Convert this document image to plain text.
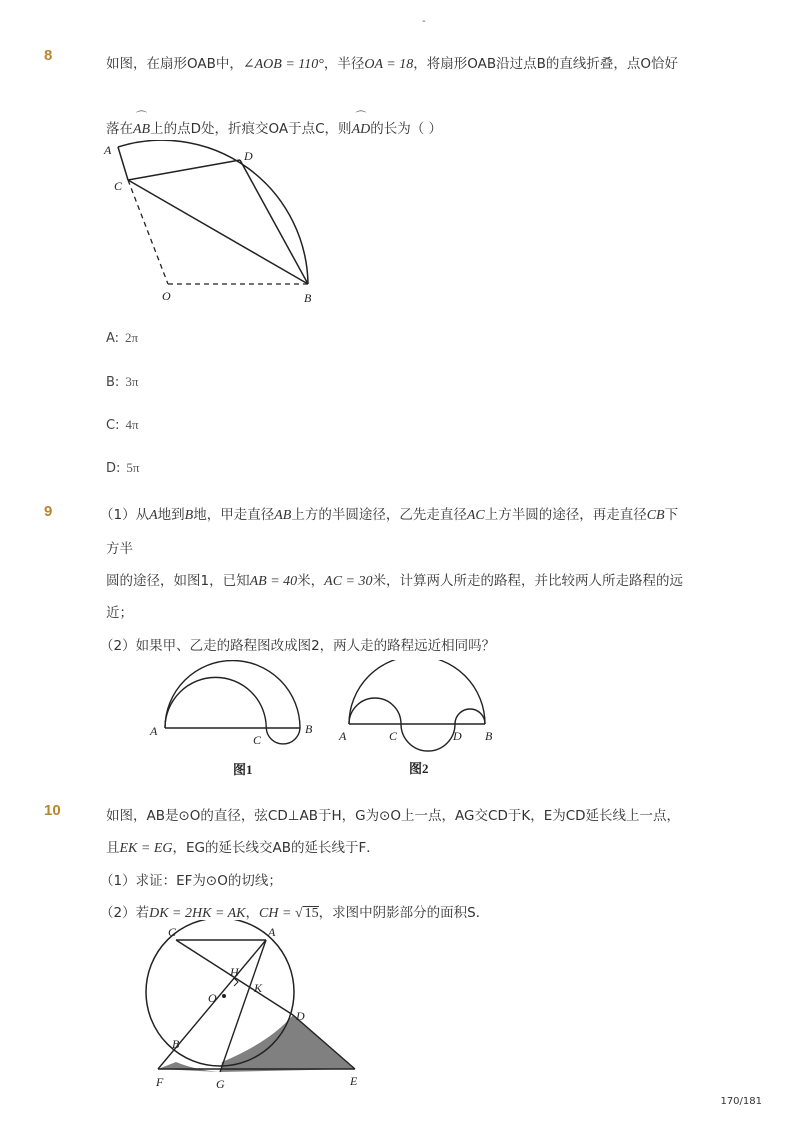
-
8	如图，在扇形OAB中，∠AOB = 110°，半径OA = 18，将扇形OAB沿过点B的直线折叠，点O恰好
落在⌒ AB上的点D处，折痕交OA于点C，则⌒ AD的长为（ ）
A	D
C
O	B
A: 2π
B: 3π
C: 4π
D: 5π
9	（1）从A地到B地，甲走直径AB上方的半圆途径，乙先走直径AC上方半圆的途径，再走直径CB下
方半
圆的途径，如图1，已知AB = 40米，AC = 30米，计算两人所走的路程，并比较两人所走路程的远
近；
（2）如果甲、乙走的路程图改成图2，两人走的路程远近相同吗？
A
C
B
图1
A	C	D B
图2
10	如图，AB是⊙O的直径，弦CD⊥AB于H，G为⊙O上一点，AG交CD于K，E为CD延长线上一点，
且EK = EG，EG的延长线交AB的延长线于F．
（1）求证：EF为⊙O的切线；
（2）若DK = 2HK = AK，CH = √ 15，求图中阴影部分的面积S．
C	A
H
O
K
D
B
F	G	E
170/181
